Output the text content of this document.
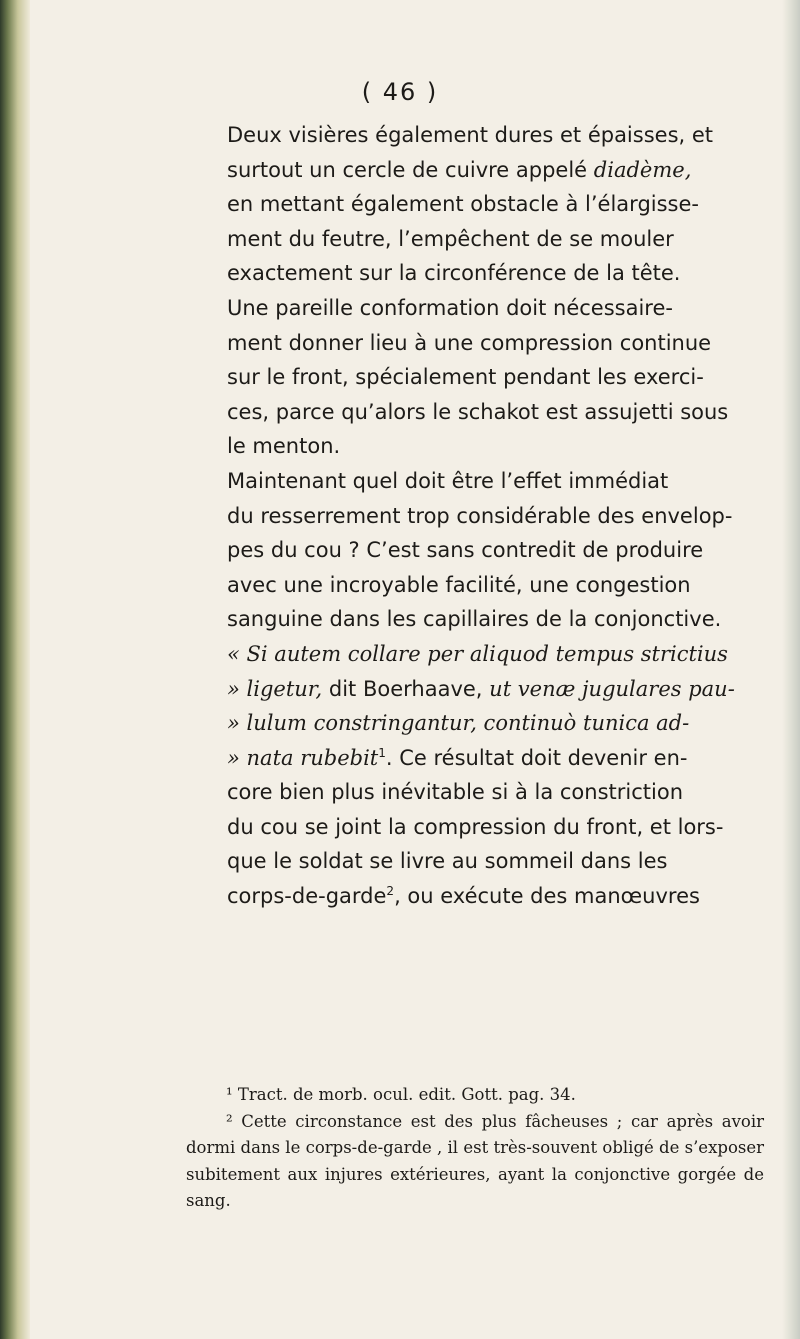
( 46 )
Deux visières également dures et épaisses, et
surtout un cercle de cuivre appelé diadème,
en mettant également obstacle à l’élargisse-
ment du feutre, l’empêchent de se mouler
exactement sur la circonférence de la tête.
Une pareille conformation doit nécessaire-
ment donner lieu à une compression continue
sur le front, spécialement pendant les exerci-
ces, parce qu’alors le schakot est assujetti sous
le menton.
Maintenant quel doit être l’effet immédiat
du resserrement trop considérable des envelop-
pes du cou ? C’est sans contredit de produire
avec une incroyable facilité, une congestion
sanguine dans les capillaires de la conjonctive.
« Si autem collare per aliquod tempus strictius
» ligetur, dit Boerhaave, ut venæ jugulares pau-
» lulum constringantur, continuò tunica ad-
» nata rubebit$^1$. Ce résultat doit devenir en-
core bien plus inévitable si à la constriction
du cou se joint la compression du front, et lors-
que le soldat se livre au sommeil dans les
corps-de-garde$^2$, ou exécute des manœuvres

¹ Tract. de morb. ocul. edit. Gott. pag. 34.

² Cette circonstance est des plus fâcheuses ; car après avoir dormi dans le corps-de-garde , il est très-souvent obligé de s’exposer subitement aux injures extérieures, ayant la conjonctive gorgée de sang.
